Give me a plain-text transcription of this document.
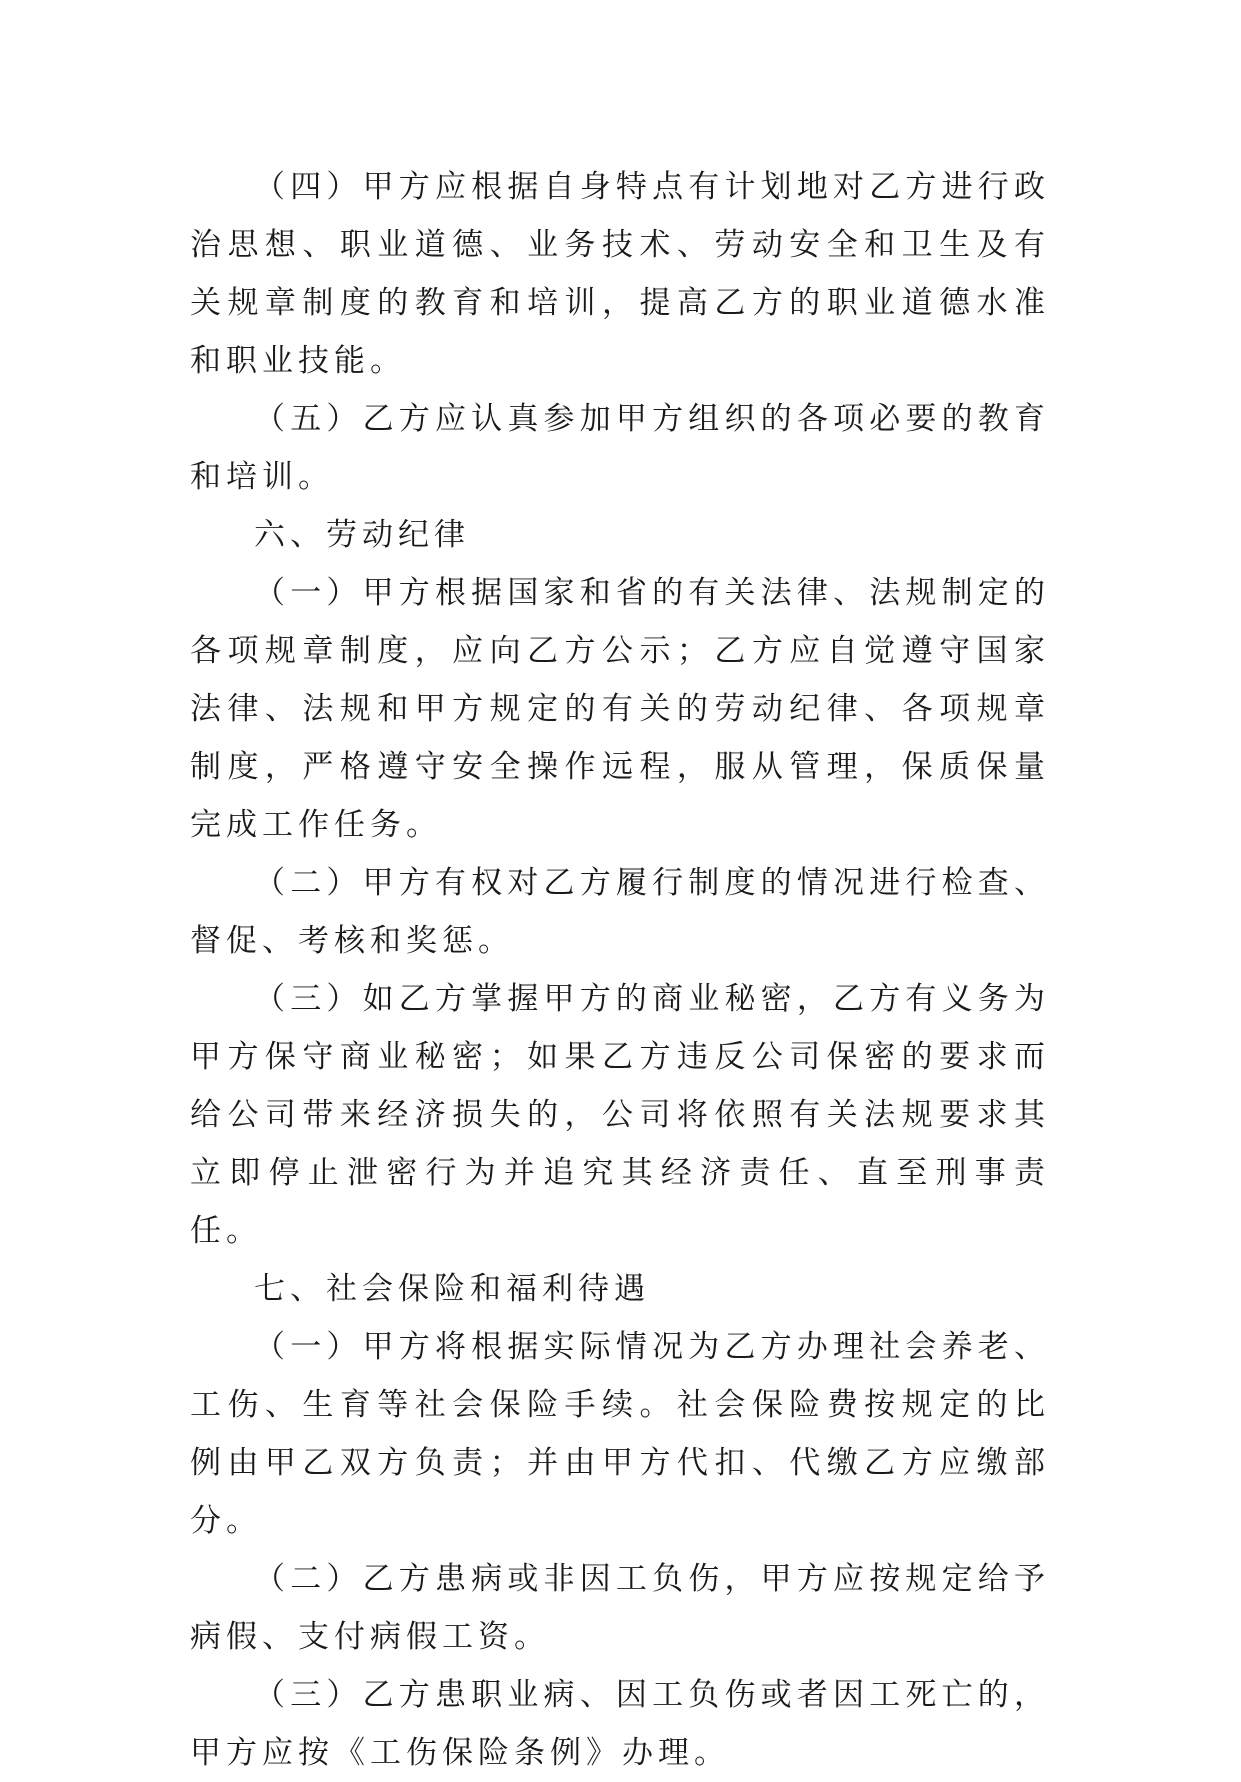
（四）甲方应根据自身特点有计划地对乙方进行政治思想、职业道德、业务技术、劳动安全和卫生及有关规章制度的教育和培训，提高乙方的职业道德水准和职业技能。

（五）乙方应认真参加甲方组织的各项必要的教育和培训。

六、劳动纪律

（一）甲方根据国家和省的有关法律、法规制定的各项规章制度，应向乙方公示；乙方应自觉遵守国家法律、法规和甲方规定的有关的劳动纪律、各项规章制度，严格遵守安全操作远程，服从管理，保质保量完成工作任务。

（二）甲方有权对乙方履行制度的情况进行检查、督促、考核和奖惩。

（三）如乙方掌握甲方的商业秘密，乙方有义务为甲方保守商业秘密；如果乙方违反公司保密的要求而给公司带来经济损失的，公司将依照有关法规要求其立即停止泄密行为并追究其经济责任、直至刑事责任。

七、社会保险和福利待遇

（一）甲方将根据实际情况为乙方办理社会养老、工伤、生育等社会保险手续。社会保险费按规定的比例由甲乙双方负责；并由甲方代扣、代缴乙方应缴部分。

（二）乙方患病或非因工负伤，甲方应按规定给予病假、支付病假工资。

（三）乙方患职业病、因工负伤或者因工死亡的，甲方应按《工伤保险条例》办理。
